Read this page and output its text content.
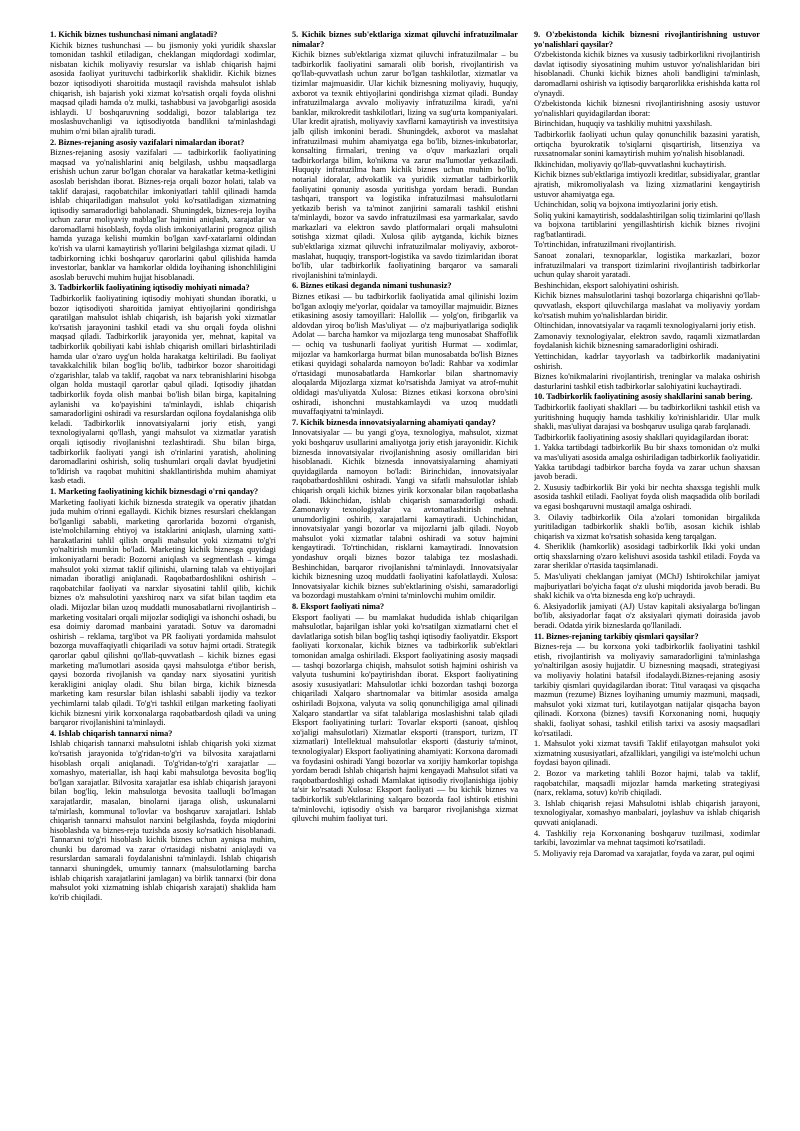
1. Kichik biznes tushunchasi nimani anglatadi?

Kichik biznes tushunchasi — bu jismoniy yoki yuridik shaxslar tomonidan tashkil etiladigan, cheklangan miqdordagi xodimlar, nisbatan kichik moliyaviy resurslar va ishlab chiqarish hajmi asosida faoliyat yurituvchi tadbirkorlik shaklidir. Kichik biznes bozor iqtisodiyoti sharoitida mustaqil ravishda mahsulot ishlab chiqarish, ish bajarish yoki xizmat ko'rsatish orqali foyda olishni maqsad qiladi hamda o'z mulki, tashabbusi va javobgarligi asosida ishlaydi. U boshqaruvning soddaligi, bozor talablariga tez moslashuvchanligi va iqtisodiyotda bandlikni ta'minlashdagi muhim o'rni bilan ajralib turadi.

2. Biznes-rejaning asosiy vazifalari nimalardan iborat?

Biznes-rejaning asosiy vazifalari — tadbirkorlik faoliyatining maqsad va yo'nalishlarini aniq belgilash, ushbu maqsadlarga erishish uchun zarur bo'lgan choralar va harakatlar ketma-ketligini asoslab berishdan iborat. Biznes-reja orqali bozor holati, talab va taklif darajasi, raqobatchilar imkoniyatlari tahlil qilinadi hamda ishlab chiqariladigan mahsulot yoki ko'rsatiladigan xizmatning iqtisodiy samaradorligi baholanadi. Shuningdek, biznes-reja loyiha uchun zarur moliyaviy mablag'lar hajmini aniqlash, xarajatlar va daromadlarni hisoblash, foyda olish imkoniyatlarini prognoz qilish hamda yuzaga kelishi mumkin bo'lgan xavf-xatarlarni oldindan ko'rish va ularni kamaytirish yo'llarini belgilashga xizmat qiladi. U tadbirkorning ichki boshqaruv qarorlarini qabul qilishida hamda investorlar, banklar va hamkorlar oldida loyihaning ishonchliligini asoslab beruvchi muhim hujjat hisoblanadi.

3. Tadbirkorlik faoliyatining iqtisodiy mohiyati nimada?

Tadbirkorlik faoliyatining iqtisodiy mohiyati shundan iboratki, u bozor iqtisodiyoti sharoitida jamiyat ehtiyojlarini qondirishga qaratilgan mahsulot ishlab chiqarish, ish bajarish yoki xizmatlar ko'rsatish jarayonini tashkil etadi va shu orqali foyda olishni maqsad qiladi. Tadbirkorlik jarayonida yer, mehnat, kapital va tadbirkorlik qobiliyati kabi ishlab chiqarish omillari birlashtiriladi hamda ular o'zaro uyg'un holda harakatga keltiriladi. Bu faoliyat tavakkalchilik bilan bog'liq bo'lib, tadbirkor bozor sharoitidagi o'zgarishlar, talab va taklif, raqobat va narx tebranishlarini hisobga olgan holda mustaqil qarorlar qabul qiladi. Iqtisodiy jihatdan tadbirkorlik foyda olish manbai bo'lish bilan birga, kapitalning aylanishi va ko'payishini ta'minlaydi, ishlab chiqarish samaradorligini oshiradi va resurslardan oqilona foydalanishga olib keladi. Tadbirkorlik innovatsiyalarni joriy etish, yangi texnologiyalarni qo'llash, yangi mahsulot va xizmatlar yaratish orqali iqtisodiy rivojlanishni tezlashtiradi. Shu bilan birga, tadbirkorlik faoliyati yangi ish o'rinlarini yaratish, aholining daromadlarini oshirish, soliq tushumlari orqali davlat byudjetini to'ldirish va raqobat muhitini shakllantirishda muhim ahamiyat kasb etadi.

1. Marketing faoliyatining kichik biznesdagi o'rni qanday?

Marketing faoliyati kichik biznesda strategik va operativ jihatdan juda muhim o'rinni egallaydi. Kichik biznes resurslari cheklangan bo'lganligi sababli, marketing qarorlarida bozorni o'rganish, iste'molchilarning ehtiyoj va istaklarini aniqlash, ularning xatti-harakatlarini tahlil qilish orqali mahsulot yoki xizmatni to'g'ri yo'naltirish mumkin bo'ladi. Marketing kichik biznesga quyidagi imkoniyatlarni beradi: Bozorni aniqlash va segmentlash – kimga mahsulot yoki xizmat taklif qilinishi, ularning talab va ehtiyojlari nimadan iboratligi aniqlanadi. Raqobatbardoshlikni oshirish – raqobatchilar faoliyati va narxlar siyosatini tahlil qilib, kichik biznes o'z mahsulotini yaxshiroq narx va sifat bilan taqdim eta oladi. Mijozlar bilan uzoq muddatli munosabatlarni rivojlantirish – marketing vositalari orqali mijozlar sodiqligi va ishonchi oshadi, bu esa doimiy daromad manbaini yaratadi. Sotuv va daromadni oshirish – reklama, targ'ibot va PR faoliyati yordamida mahsulot bozorga muvaffaqiyatli chiqariladi va sotuv hajmi ortadi. Strategik qarorlar qabul qilishni qo'llab-quvvatlash – kichik biznes egasi marketing ma'lumotlari asosida qaysi mahsulotga e'tibor berish, qaysi bozorda rivojlanish va qanday narx siyosatini yuritish kerakligini aniqlay oladi. Shu bilan birga, kichik biznesda marketing kam resurslar bilan ishlashi sababli ijodiy va tezkor yechimlarni talab qiladi. To'g'ri tashkil etilgan marketing faoliyati kichik biznesni yirik korxonalarga raqobatbardosh qiladi va uning barqaror rivojlanishini ta'minlaydi.

4. Ishlab chiqarish tannarxi nima?

Ishlab chiqarish tannarxi mahsulotni ishlab chiqarish yoki xizmat ko'rsatish jarayonida to'g'ridan-to'g'ri va bilvosita xarajatlarni hisoblash orqali aniqlanadi. To'g'ridan-to'g'ri xarajatlar — xomashyo, materiallar, ish haqi kabi mahsulotga bevosita bog'liq bo'lgan xarajatlar. Bilvosita xarajatlar esa ishlab chiqarish jarayoni bilan bog'liq, lekin mahsulotga bevosita taalluqli bo'lmagan xarajatlardir, masalan, binolarni ijaraga olish, uskunalarni ta'mirlash, kommunal to'lovlar va boshqaruv xarajatlari. Ishlab chiqarish tannarxi mahsulot narxini belgilashda, foyda miqdorini hisoblashda va biznes-reja tuzishda asosiy ko'rsatkich hisoblanadi. Tannarxni to'g'ri hisoblash kichik biznes uchun ayniqsa muhim, chunki bu daromad va zarar o'rtasidagi nisbatni aniqlaydi va resurslardan samarali foydalanishni ta'minlaydi. Ishlab chiqarish tannarxi shuningdek, umumiy tannarx (mahsulotlarning barcha ishlab chiqarish xarajatlarini jamlagan) va birlik tannarxi (bir dona mahsulot yoki xizmatning ishlab chiqarish xarajati) shaklida ham ko'rib chiqiladi.

5. Kichik biznes sub'ektlariga xizmat qiluvchi infratuzilmalar nimalar?

Kichik biznes sub'ektlariga xizmat qiluvchi infratuzilmalar – bu tadbirkorlik faoliyatini samarali olib borish, rivojlantirish va qo'llab-quvvatlash uchun zarur bo'lgan tashkilotlar, xizmatlar va tizimlar majmuasidir. Ular kichik biznesning moliyaviy, huquqiy, axborot va texnik ehtiyojlarini qondirishga xizmat qiladi. Bunday infratuzilmalarga avvalo moliyaviy infratuzilma kiradi, ya'ni banklar, mikrokredit tashkilotlari, lizing va sug'urta kompaniyalari. Ular kredit ajratish, moliyaviy xavflarni kamaytirish va investitsiya jalb qilish imkonini beradi. Shuningdek, axborot va maslahat infratuzilmasi muhim ahamiyatga ega bo'lib, biznes-inkubatorlar, konsalting firmalari, trening va o'quv markazlari orqali tadbirkorlarga bilim, ko'nikma va zarur ma'lumotlar yetkaziladi. Huquqiy infratuzilma ham kichik biznes uchun muhim bo'lib, notarial idoralar, advokatlik va yuridik xizmatlar tadbirkorlik faoliyatini qonuniy asosda yuritishga yordam beradi. Bundan tashqari, transport va logistika infratuzilmasi mahsulotlarni yetkazib berish va ta'minot zanjirini samarali tashkil etishni ta'minlaydi, bozor va savdo infratuzilmasi esa yarmarkalar, savdo markazlari va elektron savdo platformalari orqali mahsulotni sotishga xizmat qiladi. Xulosa qilib aytganda, kichik biznes sub'ektlariga xizmat qiluvchi infratuzilmalar moliyaviy, axborot-maslahat, huquqiy, transport-logistika va savdo tizimlaridan iborat bo'lib, ular tadbirkorlik faoliyatining barqaror va samarali rivojlanishini ta'minlaydi.

6. Biznes etikasi deganda nimani tushunasiz?

Biznes etikasi — bu tadbirkorlik faoliyatida amal qilinishi lozim bo'lgan axloqiy me'yorlar, qoidalar va tamoyillar majmuidir. Biznes etikasining asosiy tamoyillari: Halollik — yolg'on, firibgarlik va aldovdan yiroq bo'lish Mas'uliyat — o'z majburiyatlariga sodiqlik Adolat — barcha hamkor va mijozlarga teng munosabat Shaffoflik — ochiq va tushunarli faoliyat yuritish Hurmat — xodimlar, mijozlar va hamkorlarga hurmat bilan munosabatda bo'lish Biznes etikasi quyidagi sohalarda namoyon bo'ladi: Rahbar va xodimlar o'rtasidagi munosabatlarda Hamkorlar bilan shartnomaviy aloqalarda Mijozlarga xizmat ko'rsatishda Jamiyat va atrof-muhit oldidagi mas'uliyatda Xulosa: Biznes etikasi korxona obro'sini oshiradi, ishonchni mustahkamlaydi va uzoq muddatli muvaffaqiyatni ta'minlaydi.

7. Kichik biznesda innovatsiyalarning ahamiyati qanday?

Innovatsiyalar — bu yangi g'oya, texnologiya, mahsulot, xizmat yoki boshqaruv usullarini amaliyotga joriy etish jarayonidir. Kichik biznesda innovatsiyalar rivojlanishning asosiy omillaridan biri hisoblanadi. Kichik biznesda innovatsiyalarning ahamiyati quyidagilarda namoyon bo'ladi: Birinchidan, innovatsiyalar raqobatbardoshlikni oshiradi. Yangi va sifatli mahsulotlar ishlab chiqarish orqali kichik biznes yirik korxonalar bilan raqobatlasha oladi. Ikkinchidan, ishlab chiqarish samaradorligi oshadi. Zamonaviy texnologiyalar va avtomatlashtirish mehnat unumdorligini oshirib, xarajatlarni kamaytiradi. Uchinchidan, innovatsiyalar yangi bozorlar va mijozlarni jalb qiladi. Noyob mahsulot yoki xizmatlar talabni oshiradi va sotuv hajmini kengaytiradi. To'rtinchidan, risklarni kamaytiradi. Innovatsion yondashuv orqali biznes bozor talabiga tez moslashadi. Beshinchidan, barqaror rivojlanishni ta'minlaydi. Innovatsiyalar kichik biznesning uzoq muddatli faoliyatini kafolatlaydi. Xulosa: Innovatsiyalar kichik biznes sub'ektlarining o'sishi, samaradorligi va bozordagi mustahkam o'rnini ta'minlovchi muhim omildir.

8. Eksport faoliyati nima?

Eksport faoliyati — bu mamlakat hududida ishlab chiqarilgan mahsulotlar, bajarilgan ishlar yoki ko'rsatilgan xizmatlarni chet el davlatlariga sotish bilan bog'liq tashqi iqtisodiy faoliyatdir. Eksport faoliyati korxonalar, kichik biznes va tadbirkorlik sub'ektlari tomonidan amalga oshiriladi. Eksport faoliyatining asosiy maqsadi — tashqi bozorlarga chiqish, mahsulot sotish hajmini oshirish va valyuta tushumini ko'paytirishdan iborat. Eksport faoliyatining asosiy xususiyatlari: Mahsulotlar ichki bozordan tashqi bozorga chiqariladi Xalqaro shartnomalar va bitimlar asosida amalga oshiriladi Bojxona, valyuta va soliq qonunchiligiga amal qilinadi Xalqaro standartlar va sifat talablariga moslashishni talab qiladi Eksport faoliyatining turlari: Tovarlar eksporti (sanoat, qishloq xo'jaligi mahsulotlari) Xizmatlar eksporti (transport, turizm, IT xizmatlari) Intellektual mahsulotlar eksporti (dasturiy ta'minot, texnologiyalar) Eksport faoliyatining ahamiyati: Korxona daromadi va foydasini oshiradi Yangi bozorlar va xorijiy hamkorlar topishga yordam beradi Ishlab chiqarish hajmi kengayadi Mahsulot sifati va raqobatbardoshligi oshadi Mamlakat iqtisodiy rivojlanishiga ijobiy ta'sir ko'rsatadi Xulosa: Eksport faoliyati — bu kichik biznes va tadbirkorlik sub'ektlarining xalqaro bozorda faol ishtirok etishini ta'minlovchi, iqtisodiy o'sish va barqaror rivojlanishga xizmat qiluvchi muhim faoliyat turi.

9. O'zbekistonda kichik biznesni rivojlantirishning ustuvor yo'nalishlari qaysilar?

O'zbekistonda kichik biznes va xususiy tadbirkorlikni rivojlantirish davlat iqtisodiy siyosatining muhim ustuvor yo'nalishlaridan biri hisoblanadi. Chunki kichik biznes aholi bandligini ta'minlash, daromadlarni oshirish va iqtisodiy barqarorlikka erishishda katta rol o'ynaydi.

O'zbekistonda kichik biznesni rivojlantirishning asosiy ustuvor yo'nalishlari quyidagilardan iborat:

Birinchidan, huquqiy va tashkiliy muhitni yaxshilash.

Tadbirkorlik faoliyati uchun qulay qonunchilik bazasini yaratish, ortiqcha byurokratik to'siqlarni qisqartirish, litsenziya va ruxsatnomalar sonini kamaytirish muhim yo'nalish hisoblanadi.

Ikkinchidan, moliyaviy qo'llab-quvvatlashni kuchaytirish.

Kichik biznes sub'ektlariga imtiyozli kreditlar, subsidiyalar, grantlar ajratish, mikromoliyalash va lizing xizmatlarini kengaytirish ustuvor ahamiyatga ega.

Uchinchidan, soliq va bojxona imtiyozlarini joriy etish.

Soliq yukini kamaytirish, soddalashtirilgan soliq tizimlarini qo'llash va bojxona tartiblarini yengillashtirish kichik biznes rivojini rag'batlantiradi.

To'rtinchidan, infratuzilmani rivojlantirish.

Sanoat zonalari, texnoparklar, logistika markazlari, bozor infratuzilmalari va transport tizimlarini rivojlantirish tadbirkorlar uchun qulay sharoit yaratadi.

Beshinchidan, eksport salohiyatini oshirish.

Kichik biznes mahsulotlarini tashqi bozorlarga chiqarishni qo'llab-quvvatlash, eksport qiluvchilarga maslahat va moliyaviy yordam ko'rsatish muhim yo'nalishlardan biridir.

Oltinchidan, innovatsiyalar va raqamli texnologiyalarni joriy etish.

Zamonaviy texnologiyalar, elektron savdo, raqamli xizmatlardan foydalanish kichik biznesning samaradorligini oshiradi.

Yettinchidan, kadrlar tayyorlash va tadbirkorlik madaniyatini oshirish.

Biznes ko'nikmalarini rivojlantirish, treninglar va malaka oshirish dasturlarini tashkil etish tadbirkorlar salohiyatini kuchaytiradi.

10. Tadbirkorlik faoliyatining asosiy shakllarini sanab bering.

Tadbirkorlik faoliyati shakllari — bu tadbirkorlikni tashkil etish va yuritishning huquqiy hamda tashkiliy ko'rinishlaridir. Ular mulk shakli, mas'uliyat darajasi va boshqaruv usuliga qarab farqlanadi.

Tadbirkorlik faoliyatining asosiy shakllari quyidagilardan iborat:

1. Yakka tartibdagi tadbirkorlik Bu bir shaxs tomonidan o'z mulki va mas'uliyati asosida amalga oshiriladigan tadbirkorlik faoliyatidir. Yakka tartibdagi tadbirkor barcha foyda va zarar uchun shaxsan javob beradi.

2. Xususiy tadbirkorlik Bir yoki bir nechta shaxsga tegishli mulk asosida tashkil etiladi. Faoliyat foyda olish maqsadida olib boriladi va egasi boshqaruvni mustaqil amalga oshiradi.

3. Oilaviy tadbirkorlik Oila a'zolari tomonidan birgalikda yuritiladigan tadbirkorlik shakli bo'lib, asosan kichik ishlab chiqarish va xizmat ko'rsatish sohasida keng tarqalgan.

4. Sheriklik (hamkorlik) asosidagi tadbirkorlik Ikki yoki undan ortiq shaxslarning o'zaro kelishuvi asosida tashkil etiladi. Foyda va zarar sheriklar o'rtasida taqsimlanadi.

5. Mas'uliyati cheklangan jamiyat (MChJ) Ishtirokchilar jamiyat majburiyatlari bo'yicha faqat o'z ulushi miqdorida javob beradi. Bu shakl kichik va o'rta biznesda eng ko'p uchraydi.

6. Aksiyadorlik jamiyati (AJ) Ustav kapitali aksiyalarga bo'lingan bo'lib, aksiyadorlar faqat o'z aksiyalari qiymati doirasida javob beradi. Odatda yirik bizneslarda qo'llaniladi.

11. Biznes-rejaning tarkibiy qismlari qaysilar?

Biznes-reja — bu korxona yoki tadbirkorlik faoliyatini tashkil etish, rivojlantirish va moliyaviy samaradorligini ta'minlashga yo'naltirilgan asosiy hujjatdir. U biznesning maqsadi, strategiyasi va moliyaviy holatini batafsil ifodalaydi.Biznes-rejaning asosiy tarkibiy qismlari quyidagilardan iborat: Titul varaqasi va qisqacha mazmun (rezume) Biznes loyihaning umumiy mazmuni, maqsadi, mahsulot yoki xizmat turi, kutilayotgan natijalar qisqacha bayon qilinadi. Korxona (biznes) tavsifi Korxonaning nomi, huquqiy shakli, faoliyat sohasi, tashkil etilish tarixi va asosiy maqsadlari ko'rsatiladi.

1. Mahsulot yoki xizmat tavsifi Taklif etilayotgan mahsulot yoki xizmatning xususiyatlari, afzalliklari, yangiligi va iste'molchi uchun foydasi bayon qilinadi.

2. Bozor va marketing tahlili Bozor hajmi, talab va taklif, raqobatchilar, maqsadli mijozlar hamda marketing strategiyasi (narx, reklama, sotuv) ko'rib chiqiladi.

3. Ishlab chiqarish rejasi Mahsulotni ishlab chiqarish jarayoni, texnologiyalar, xomashyo manbalari, joylashuv va ishlab chiqarish quvvati aniqlanadi.

4. Tashkiliy reja Korxonaning boshqaruv tuzilmasi, xodimlar tarkibi, lavozimlar va mehnat taqsimoti ko'rsatiladi.

5. Moliyaviy reja Daromad va xarajatlar, foyda va zarar, pul oqimi
